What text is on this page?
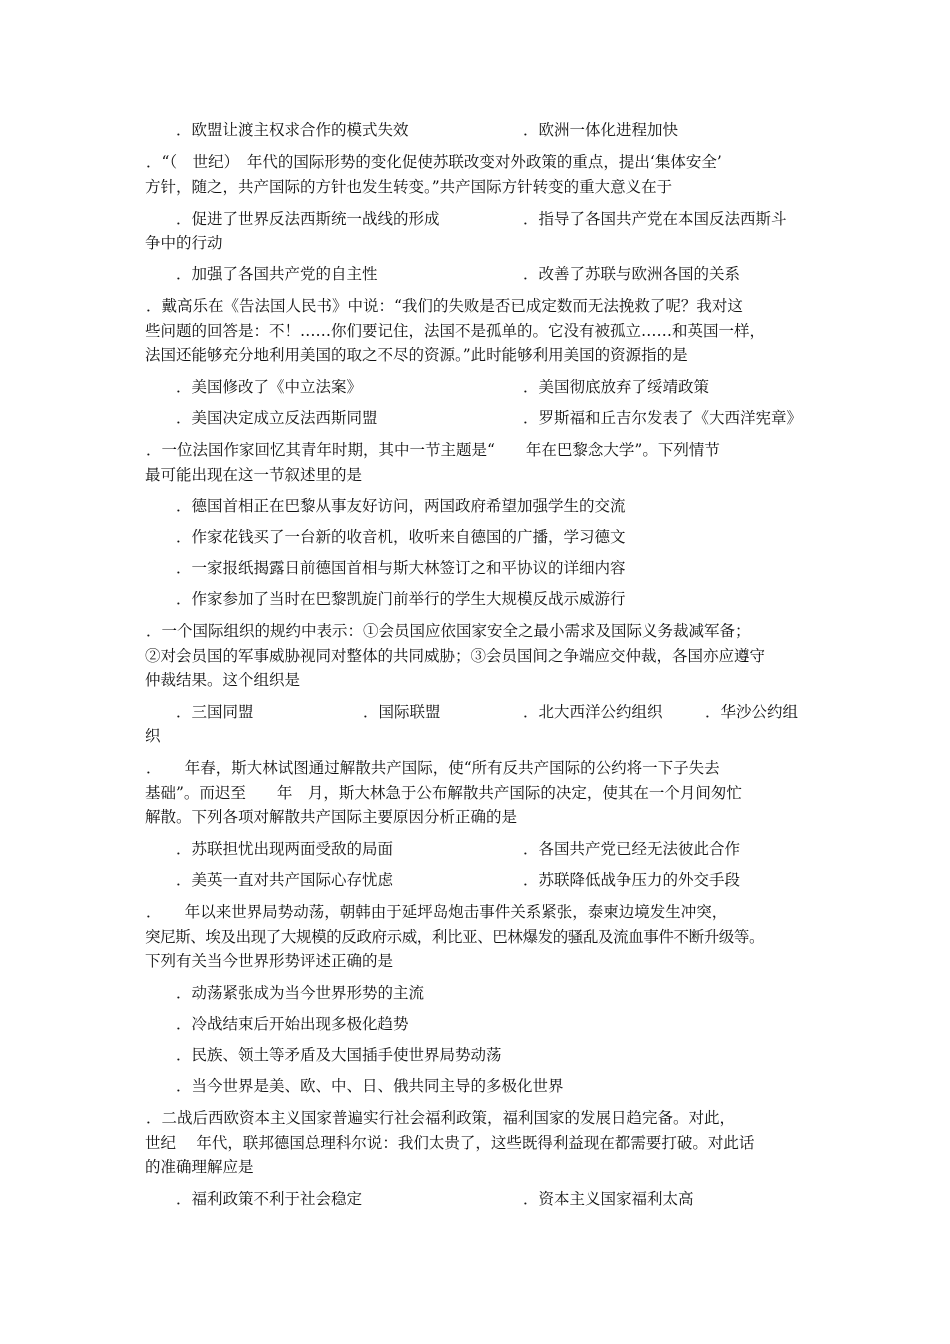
．欧盟让渡主权求合作的模式失效	．欧洲一体化进程加快
．“（　世纪）　年代的国际形势的变化促使苏联改变对外政策的重点，提出‘集体安全’
方针，随之，共产国际的方针也发生转变。”共产国际方针转变的重大意义在于
．促进了世界反法西斯统一战线的形成	．指导了各国共产党在本国反法西斯斗
争中的行动
．加强了各国共产党的自主性	．改善了苏联与欧洲各国的关系
．戴高乐在《告法国人民书》中说：“我们的失败是否已成定数而无法挽救了呢？我对这
些问题的回答是：不！……你们要记住，法国不是孤单的。它没有被孤立……和英国一样，
法国还能够充分地利用美国的取之不尽的资源。”此时能够利用美国的资源指的是
．美国修改了《中立法案》	．美国彻底放弃了绥靖政策
．美国决定成立反法西斯同盟	．罗斯福和丘吉尔发表了《大西洋宪章》
．一位法国作家回忆其青年时期，其中一节主题是“　　年在巴黎念大学”。下列情节
最可能出现在这一节叙述里的是
．德国首相正在巴黎从事友好访问，两国政府希望加强学生的交流
．作家花钱买了一台新的收音机，收听来自德国的广播，学习德文
．一家报纸揭露日前德国首相与斯大林签订之和平协议的详细内容
．作家参加了当时在巴黎凯旋门前举行的学生大规模反战示威游行
．一个国际组织的规约中表示：①会员国应依国家安全之最小需求及国际义务裁减军备；
②对会员国的军事威胁视同对整体的共同威胁；③会员国间之争端应交仲裁，各国亦应遵守
仲裁结果。这个组织是
．三国同盟	．国际联盟	．北大西洋公约组织	．华沙公约组
织
．　　年春，斯大林试图通过解散共产国际，使“所有反共产国际的公约将一下子失去
基础”。而迟至　　年　月，斯大林急于公布解散共产国际的决定，使其在一个月间匆忙
解散。下列各项对解散共产国际主要原因分析正确的是
．苏联担忧出现两面受敌的局面	．各国共产党已经无法彼此合作
．美英一直对共产国际心存忧虑	．苏联降低战争压力的外交手段
．　　年以来世界局势动荡，朝韩由于延坪岛炮击事件关系紧张，泰柬边境发生冲突，
突尼斯、埃及出现了大规模的反政府示威，利比亚、巴林爆发的骚乱及流血事件不断升级等。
下列有关当今世界形势评述正确的是
．动荡紧张成为当今世界形势的主流
．冷战结束后开始出现多极化趋势
．民族、领土等矛盾及大国插手使世界局势动荡
．当今世界是美、欧、中、日、俄共同主导的多极化世界
．二战后西欧资本主义国家普遍实行社会福利政策，福利国家的发展日趋完备。对此，
世纪　 年代，联邦德国总理科尔说：我们太贵了，这些既得利益现在都需要打破。对此话
的准确理解应是
．福利政策不利于社会稳定	．资本主义国家福利太高
